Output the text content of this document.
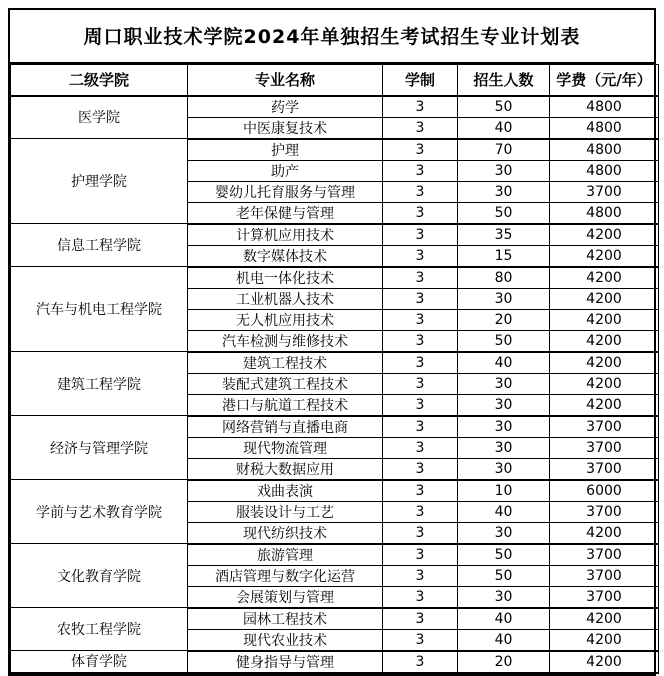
周口职业技术学院2024年单独招生考试招生专业计划表
二级学院	专业名称	学制	招生人数	学费（元/年）
医学院	药学	3	50	4800
	中医康复技术	3	40	4800
护理学院	护理	3	70	4800
	助产	3	30	4800
	婴幼儿托育服务与管理	3	30	3700
	老年保健与管理	3	50	4800
信息工程学院	计算机应用技术	3	35	4200
	数字媒体技术	3	15	4200
汽车与机电工程学院	机电一体化技术	3	80	4200
	工业机器人技术	3	30	4200
	无人机应用技术	3	20	4200
	汽车检测与维修技术	3	50	4200
建筑工程学院	建筑工程技术	3	40	4200
	装配式建筑工程技术	3	30	4200
	港口与航道工程技术	3	30	4200
经济与管理学院	网络营销与直播电商	3	30	3700
	现代物流管理	3	30	3700
	财税大数据应用	3	30	3700
学前与艺术教育学院	戏曲表演	3	10	6000
	服装设计与工艺	3	40	3700
	现代纺织技术	3	30	4200
文化教育学院	旅游管理	3	50	3700
	酒店管理与数字化运营	3	50	3700
	会展策划与管理	3	30	3700
农牧工程学院	园林工程技术	3	40	4200
	现代农业技术	3	40	4200
体育学院	健身指导与管理	3	20	4200
